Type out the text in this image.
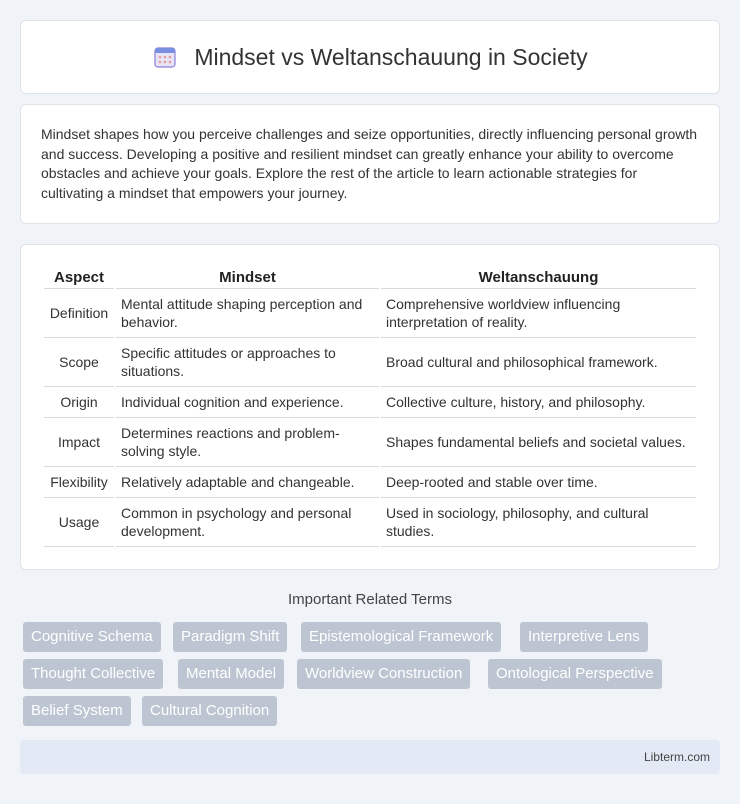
Mindset vs Weltanschauung in Society

Mindset shapes how you perceive challenges and seize opportunities, directly influencing personal growth and success. Developing a positive and resilient mindset can greatly enhance your ability to overcome obstacles and achieve your goals. Explore the rest of the article to learn actionable strategies for cultivating a mindset that empowers your journey.

Aspect	Mindset	Weltanschauung
Definition	Mental attitude shaping perception and behavior.	Comprehensive worldview influencing interpretation of reality.
Scope	Specific attitudes or approaches to situations.	Broad cultural and philosophical framework.
Origin	Individual cognition and experience.	Collective culture, history, and philosophy.
Impact	Determines reactions and problem-solving style.	Shapes fundamental beliefs and societal values.
Flexibility	Relatively adaptable and changeable.	Deep-rooted and stable over time.
Usage	Common in psychology and personal development.	Used in sociology, philosophy, and cultural studies.
Important Related Terms
Cognitive Schema	Paradigm Shift	Epistemological Framework	Interpretive Lens
Thought Collective	Mental Model	Worldview Construction	Ontological Perspective
Belief System	Cultural Cognition
Libterm.com
